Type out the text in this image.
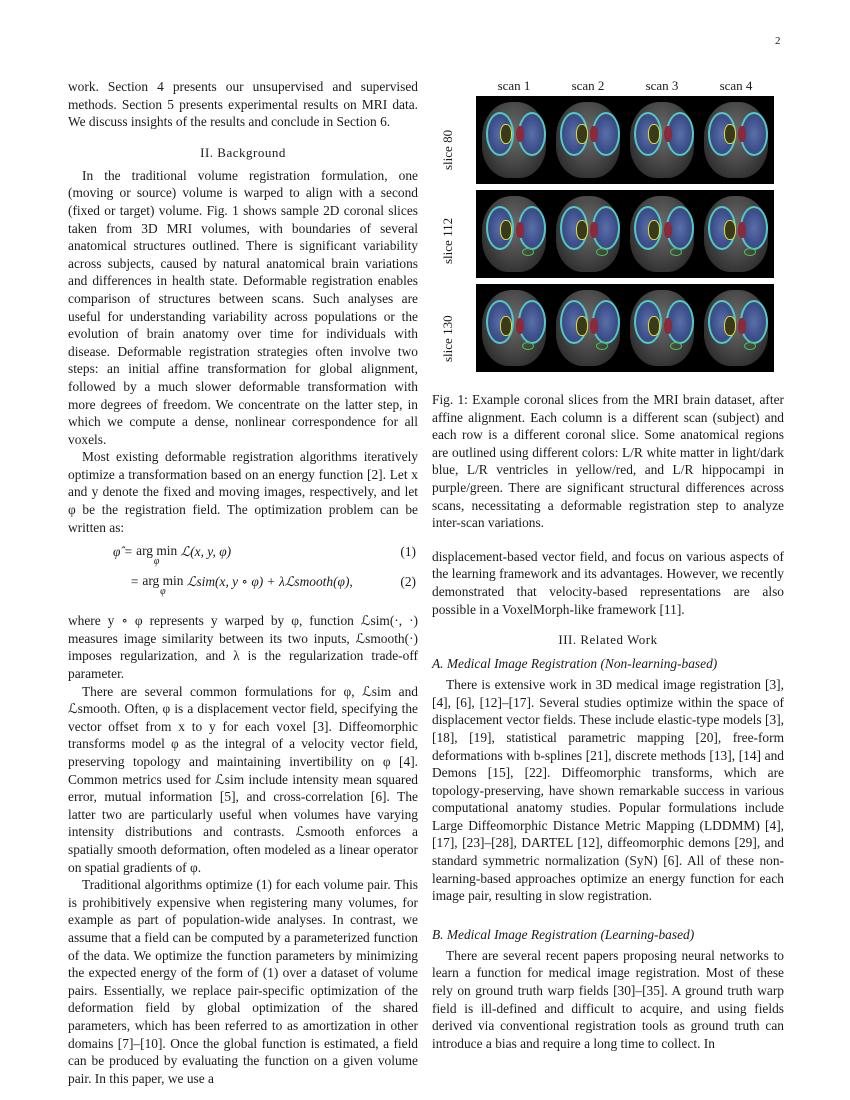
2

work. Section 4 presents our unsupervised and supervised methods. Section 5 presents experimental results on MRI data. We discuss insights of the results and conclude in Section 6.

II. Background

In the traditional volume registration formulation, one (moving or source) volume is warped to align with a second (fixed or target) volume. Fig. 1 shows sample 2D coronal slices taken from 3D MRI volumes, with boundaries of several anatomical structures outlined. There is significant variability across subjects, caused by natural anatomical brain variations and differences in health state. Deformable registration enables comparison of structures between scans. Such analyses are useful for understanding variability across populations or the evolution of brain anatomy over time for individuals with disease. Deformable registration strategies often involve two steps: an initial affine transformation for global alignment, followed by a much slower deformable transformation with more degrees of freedom. We concentrate on the latter step, in which we compute a dense, nonlinear correspondence for all voxels.

Most existing deformable registration algorithms iteratively optimize a transformation based on an energy function [2]. Let x and y denote the fixed and moving images, respectively, and let φ be the registration field. The optimization problem can be written as:

φ̂ = arg min
φ
ℒ(x, y, φ)	(1)
= arg min
φ
ℒsim(x, y ∘ φ) + λℒsmooth(φ),	(2)

where y ∘ φ represents y warped by φ, function ℒsim(·, ·) measures image similarity between its two inputs, ℒsmooth(·) imposes regularization, and λ is the regularization trade-off parameter.

There are several common formulations for φ, ℒsim and ℒsmooth. Often, φ is a displacement vector field, specifying the vector offset from x to y for each voxel [3]. Diffeomorphic transforms model φ as the integral of a velocity vector field, preserving topology and maintaining invertibility on φ [4]. Common metrics used for ℒsim include intensity mean squared error, mutual information [5], and cross-correlation [6]. The latter two are particularly useful when volumes have varying intensity distributions and contrasts. ℒsmooth enforces a spatially smooth deformation, often modeled as a linear operator on spatial gradients of φ.

Traditional algorithms optimize (1) for each volume pair. This is prohibitively expensive when registering many volumes, for example as part of population-wide analyses. In contrast, we assume that a field can be computed by a parameterized function of the data. We optimize the function parameters by minimizing the expected energy of the form of (1) over a dataset of volume pairs. Essentially, we replace pair-specific optimization of the deformation field by global optimization of the shared parameters, which has been referred to as amortization in other domains [7]–[10]. Once the global function is estimated, a field can be produced by evaluating the function on a given volume pair. In this paper, we use a

scan 1	scan 2	scan 3	scan 4
slice 80
slice 112
slice 130
Fig. 1: Example coronal slices from the MRI brain dataset, after affine alignment. Each column is a different scan (subject) and each row is a different coronal slice. Some anatomical regions are outlined using different colors: L/R white matter in light/dark blue, L/R ventricles in yellow/red, and L/R hippocampi in purple/green. There are significant structural differences across scans, necessitating a deformable registration step to analyze inter-scan variations.

displacement-based vector field, and focus on various aspects of the learning framework and its advantages. However, we recently demonstrated that velocity-based representations are also possible in a VoxelMorph-like framework [11].

III. Related Work
A. Medical Image Registration (Non-learning-based)

There is extensive work in 3D medical image registration [3], [4], [6], [12]–[17]. Several studies optimize within the space of displacement vector fields. These include elastic-type models [3], [18], [19], statistical parametric mapping [20], free-form deformations with b-splines [21], discrete methods [13], [14] and Demons [15], [22]. Diffeomorphic transforms, which are topology-preserving, have shown remarkable success in various computational anatomy studies. Popular formulations include Large Diffeomorphic Distance Metric Mapping (LDDMM) [4], [17], [23]–[28], DARTEL [12], diffeomorphic demons [29], and standard symmetric normalization (SyN) [6]. All of these non-learning-based approaches optimize an energy function for each image pair, resulting in slow registration.

B. Medical Image Registration (Learning-based)

There are several recent papers proposing neural networks to learn a function for medical image registration. Most of these rely on ground truth warp fields [30]–[35]. A ground truth warp field is ill-defined and difficult to acquire, and using fields derived via conventional registration tools as ground truth can introduce a bias and require a long time to collect. In
